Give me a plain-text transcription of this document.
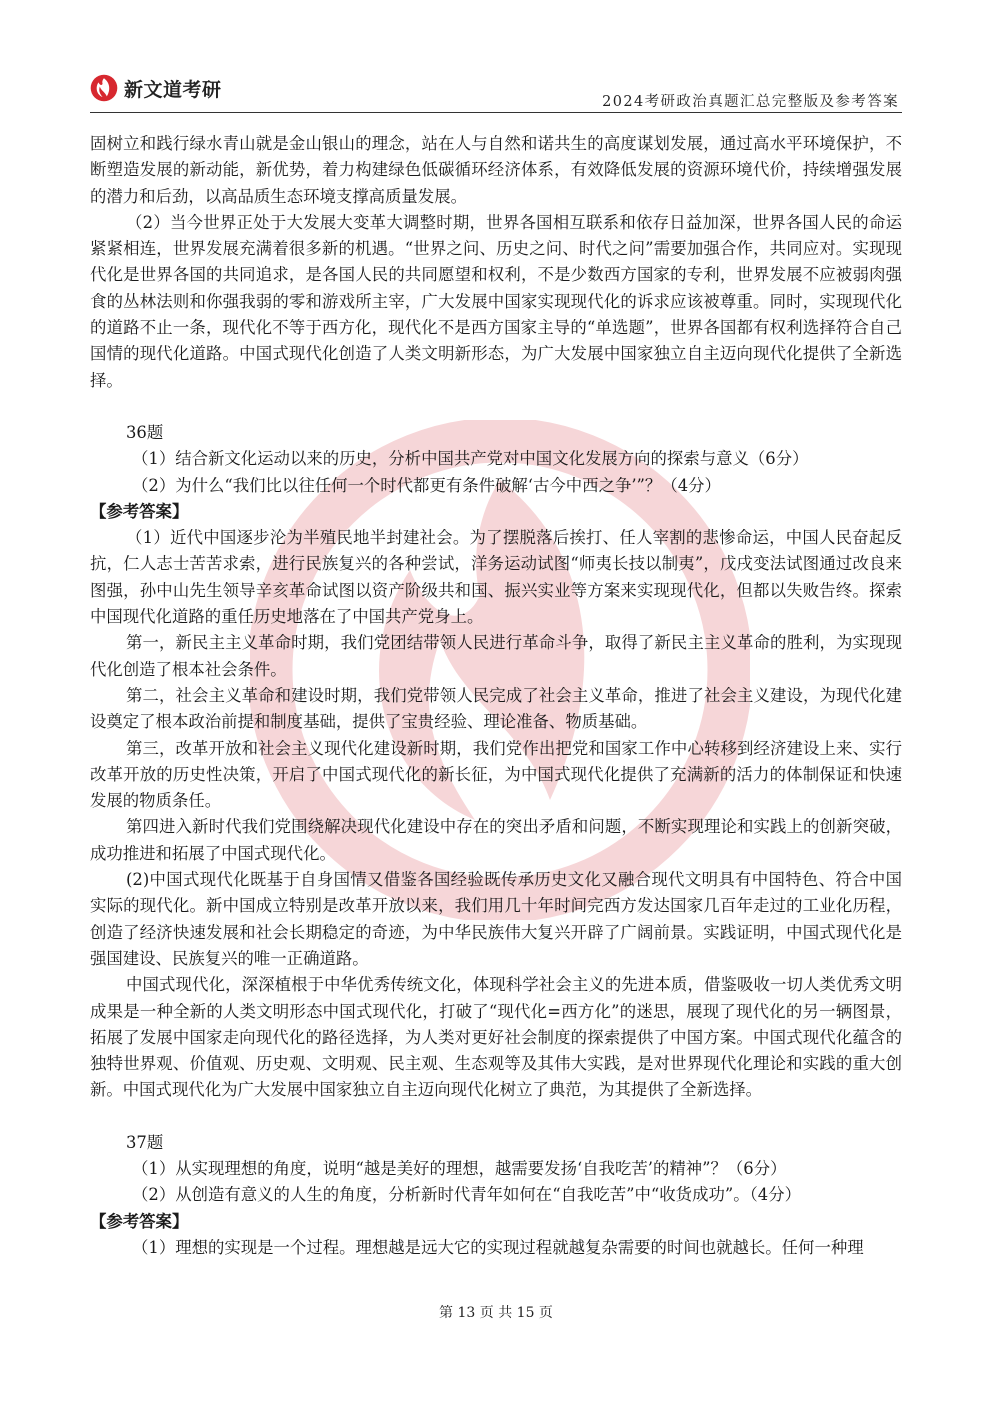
新文道考研
2024考研政治真题汇总完整版及参考答案

固树立和践行绿水青山就是金山银山的理念，站在人与自然和诺共生的高度谋划发展，通过高水平环境保护，不断塑造发展的新动能，新优势，着力构建绿色低碳循环经济体系，有效降低发展的资源环境代价，持续增强发展的潜力和后劲，以高品质生态环境支撑高质量发展。

（2）当今世界正处于大发展大变革大调整时期，世界各国相互联系和依存日益加深，世界各国人民的命运紧紧相连，世界发展充满着很多新的机遇。“世界之问、历史之问、时代之问”需要加强合作，共同应对。实现现代化是世界各国的共同追求，是各国人民的共同愿望和权利，不是少数西方国家的专利，世界发展不应被弱肉强食的丛林法则和你强我弱的零和游戏所主宰，广大发展中国家实现现代化的诉求应该被尊重。同时，实现现代化的道路不止一条，现代化不等于西方化，现代化不是西方国家主导的“单选题”，世界各国都有权利选择符合自己国情的现代化道路。中国式现代化创造了人类文明新形态，为广大发展中国家独立自主迈向现代化提供了全新选择。

36题

（1）结合新文化运动以来的历史，分析中国共产党对中国文化发展方向的探索与意义（6分）

（2）为什么“我们比以往任何一个时代都更有条件破解‘古今中西之争’”？（4分）

【参考答案】

（1）近代中国逐步沦为半殖民地半封建社会。为了摆脱落后挨打、任人宰割的悲惨命运，中国人民奋起反抗，仁人志士苦苦求索，进行民族复兴的各种尝试，洋务运动试图“师夷长技以制夷”，戊戌变法试图通过改良来图强，孙中山先生领导辛亥革命试图以资产阶级共和国、振兴实业等方案来实现现代化，但都以失败告终。探索中国现代化道路的重任历史地落在了中国共产党身上。

第一，新民主主义革命时期，我们党团结带领人民进行革命斗争，取得了新民主主义革命的胜利，为实现现代化创造了根本社会条件。

第二，社会主义革命和建设时期，我们党带领人民完成了社会主义革命，推进了社会主义建设，为现代化建设奠定了根本政治前提和制度基础，提供了宝贵经验、理论准备、物质基础。

第三，改革开放和社会主义现代化建设新时期，我们党作出把党和国家工作中心转移到经济建设上来、实行改革开放的历史性决策，开启了中国式现代化的新长征，为中国式现代化提供了充满新的活力的体制保证和快速发展的物质条任。

第四进入新时代我们党围绕解决现代化建设中存在的突出矛盾和问题，不断实现理论和实践上的创新突破，成功推进和拓展了中国式现代化。

(2)中国式现代化既基于自身国情又借鉴各国经验既传承历史文化又融合现代文明具有中国特色、符合中国实际的现代化。新中国成立特别是改革开放以来，我们用几十年时间完西方发达国家几百年走过的工业化历程，创造了经济快速发展和社会长期稳定的奇迹，为中华民族伟大复兴开辟了广阔前景。实践证明，中国式现代化是强国建设、民族复兴的唯一正确道路。

中国式现代化，深深植根于中华优秀传统文化，体现科学社会主义的先进本质，借鉴吸收一切人类优秀文明成果是一种全新的人类文明形态中国式现代化，打破了“现代化=西方化”的迷思，展现了现代化的另一辆图景，拓展了发展中国家走向现代化的路径选择，为人类对更好社会制度的探索提供了中国方案。中国式现代化蕴含的独特世界观、价值观、历史观、文明观、民主观、生态观等及其伟大实践，是对世界现代化理论和实践的重大创新。中国式现代化为广大发展中国家独立自主迈向现代化树立了典范，为其提供了全新选择。

37题

（1）从实现理想的角度，说明“越是美好的理想，越需要发扬‘自我吃苦’的精神”？（6分）

（2）从创造有意义的人生的角度，分析新时代青年如何在“自我吃苦”中“收货成功”。（4分）

【参考答案】

（1）理想的实现是一个过程。理想越是远大它的实现过程就越复杂需要的时间也就越长。任何一种理

第 13 页 共 15 页
